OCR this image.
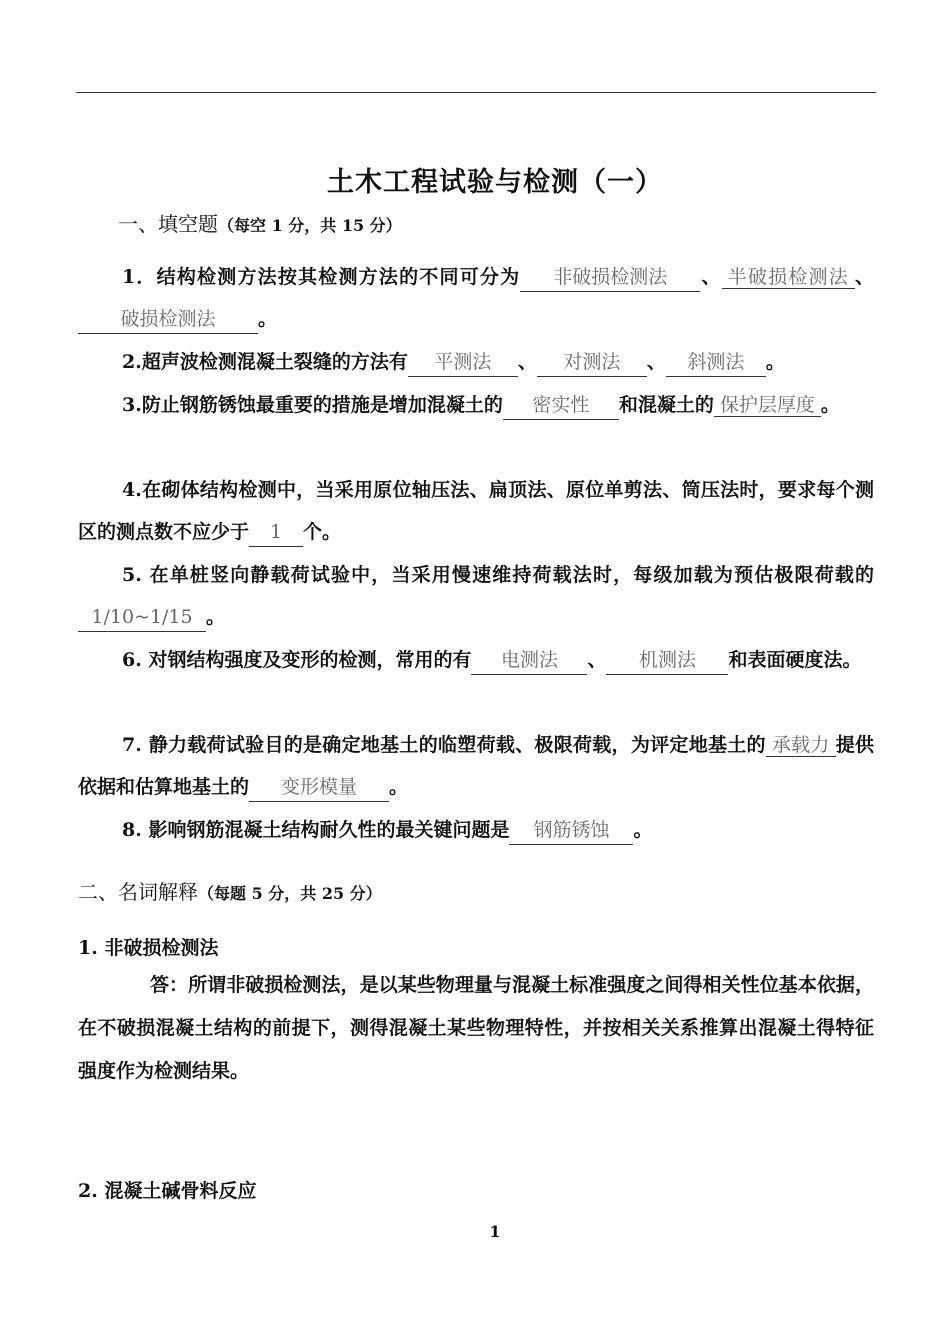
土木工程试验与检测（一）
一、填空题（每空 1 分，共 15 分）
1．结构检测方法按其检测方法的不同可分为 非破损检测法 、 半破损检测法 、破损检测法 。
2.超声波检测混凝土裂缝的方法有 平测法 、 对测法 、 斜测法 。
3.防止钢筋锈蚀最重要的措施是增加混凝土的 密实性 和混凝土的 保护层厚度 。
4.在砌体结构检测中，当采用原位轴压法、扁顶法、原位单剪法、筒压法时，要求每个测区的测点数不应少于 1 个。
5. 在单桩竖向静载荷试验中，当采用慢速维持荷载法时，每级加载为预估极限荷载的1/10~1/15 。
6. 对钢结构强度及变形的检测，常用的有 电测法 、 机测法 和表面硬度法。
7. 静力载荷试验目的是确定地基土的临塑荷载、极限荷载，为评定地基土的 承载力 提供依据和估算地基土的 变形模量 。
8. 影响钢筋混凝土结构耐久性的最关键问题是 钢筋锈蚀 。
二、名词解释（每题 5 分，共 25 分）
1. 非破损检测法
答：所谓非破损检测法，是以某些物理量与混凝土标准强度之间得相关性位基本依据，在不破损混凝土结构的前提下，测得混凝土某些物理特性，并按相关关系推算出混凝土得特征强度作为检测结果。
2. 混凝土碱骨料反应
1
